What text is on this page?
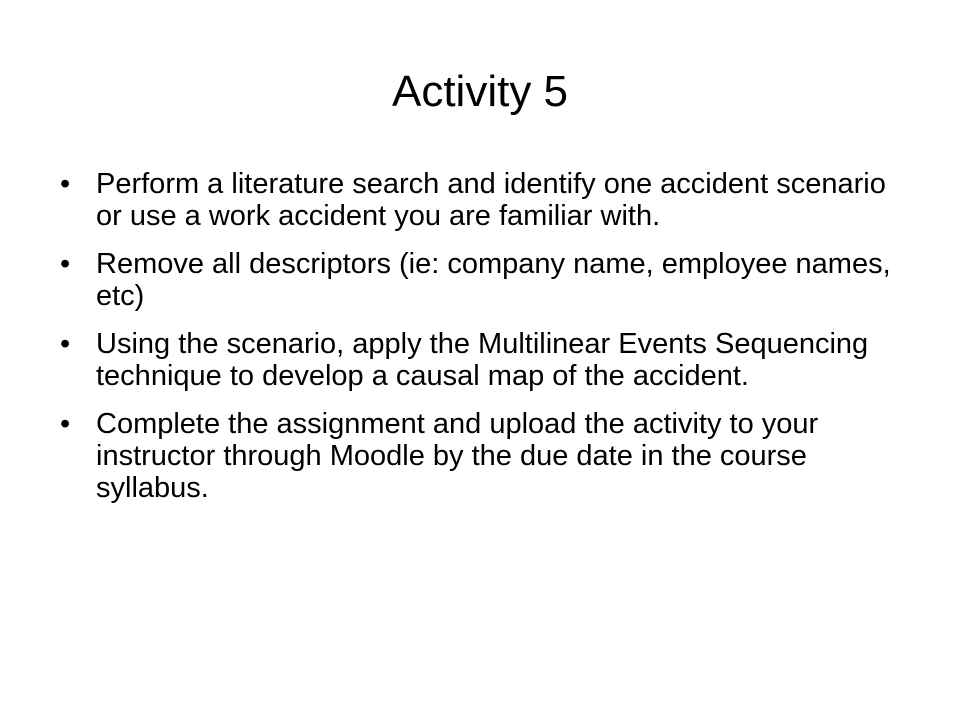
Activity 5
• Perform a literature search and identify one accident scenario or use a work accident you are familiar with.
• Remove all descriptors (ie: company name, employee names, etc)
• Using the scenario, apply the Multilinear Events Sequencing technique to develop a causal map of the accident.
• Complete the assignment and upload the activity to your instructor through Moodle by the due date in the course syllabus.
